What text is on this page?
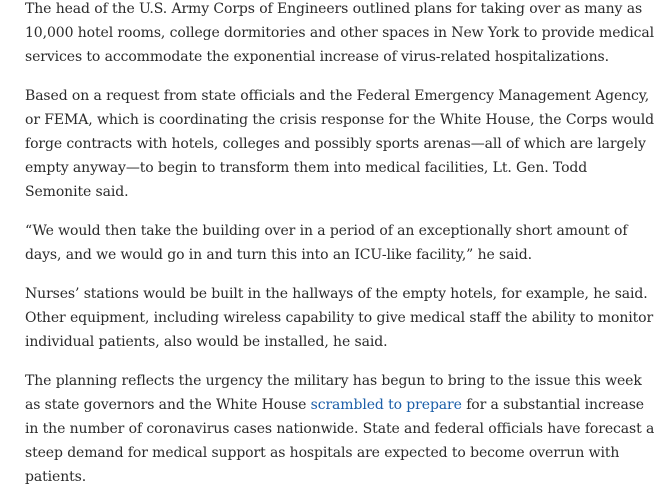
The head of the U.S. Army Corps of Engineers outlined plans for taking over as many as 10,000 hotel rooms, college dormitories and other spaces in New York to provide medical services to accommodate the exponential increase of virus-related hospitalizations.

Based on a request from state officials and the Federal Emergency Management Agency, or FEMA, which is coordinating the crisis response for the White House, the Corps would forge contracts with hotels, colleges and possibly sports arenas—all of which are largely empty anyway—to begin to transform them into medical facilities, Lt. Gen. Todd Semonite said.

“We would then take the building over in a period of an exceptionally short amount of days, and we would go in and turn this into an ICU-like facility,” he said.

Nurses’ stations would be built in the hallways of the empty hotels, for example, he said. Other equipment, including wireless capability to give medical staff the ability to monitor individual patients, also would be installed, he said.

The planning reflects the urgency the military has begun to bring to the issue this week as state governors and the White House scrambled to prepare for a substantial increase in the number of coronavirus cases nationwide. State and federal officials have forecast a steep demand for medical support as hospitals are expected to become overrun with patients.
